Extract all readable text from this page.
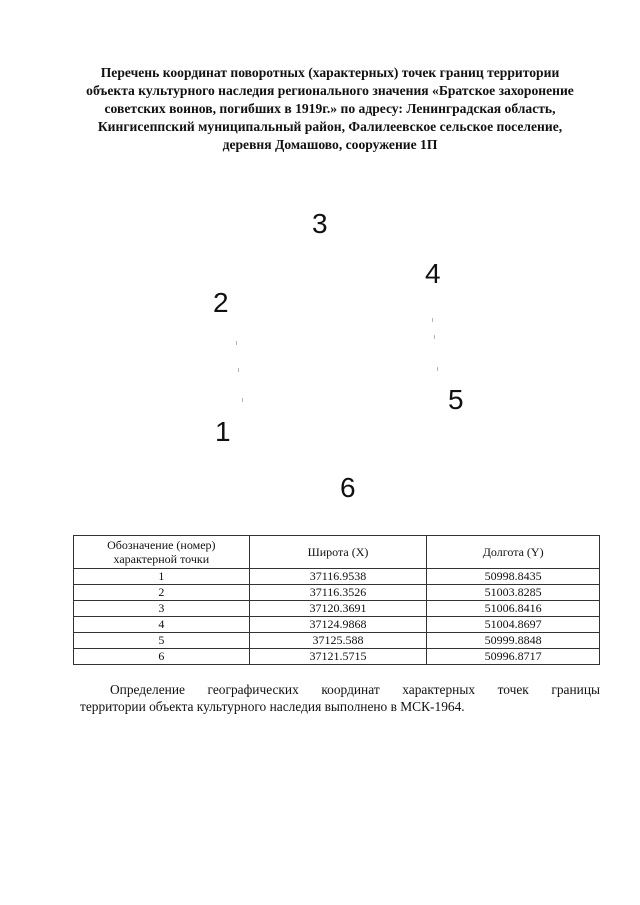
Перечень координат поворотных (характерных) точек границ территории
объекта культурного наследия регионального значения «Братское захоронение
советских воинов, погибших в 1919г.» по адресу: Ленинградская область,
Кингисеппский муниципальный район, Фалилеевское сельское поселение,
деревня Домашово, сооружение 1П
1
2
3
4
5
6
Обозначение (номер) характерной точки	Широта (X)	Долгота (Y)
1	37116.9538	50998.8435
2	37116.3526	51003.8285
3	37120.3691	51006.8416
4	37124.9868	51004.8697
5	37125.588	50999.8848
6	37121.5715	50996.8717
Определение географических координат характерных точек границы
территории объекта культурного наследия выполнено в МСК-1964.
